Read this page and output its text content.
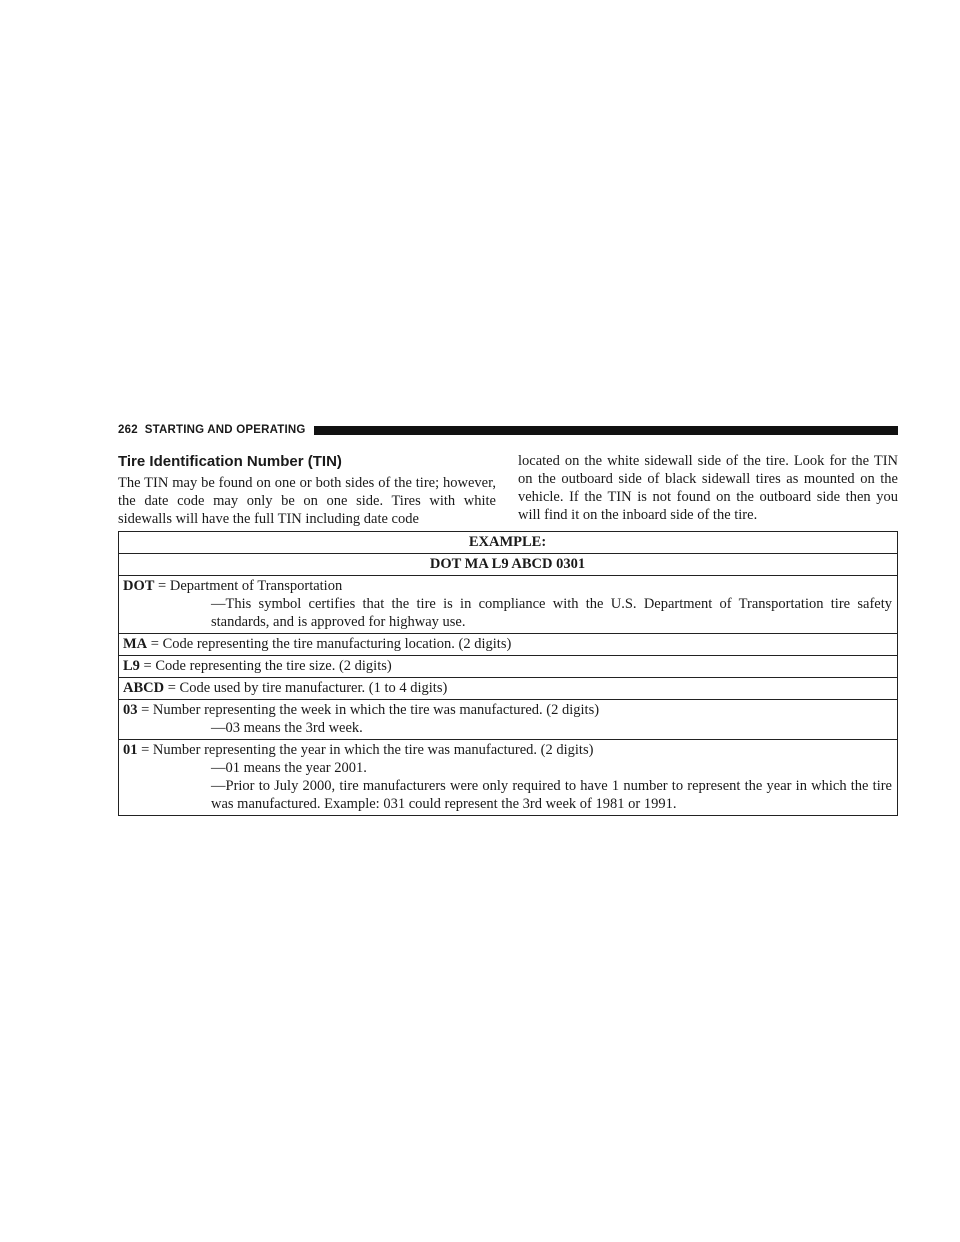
262 STARTING AND OPERATING
Tire Identification Number (TIN)

The TIN may be found on one or both sides of the tire; however, the date code may only be on one side. Tires with white sidewalls will have the full TIN including date code

located on the white sidewall side of the tire. Look for the TIN on the outboard side of black sidewall tires as mounted on the vehicle. If the TIN is not found on the outboard side then you will find it on the inboard side of the tire.

EXAMPLE:
DOT MA L9 ABCD 0301
DOT = Department of Transportation
—This symbol certifies that the tire is in compliance with the U.S. Department of Transportation tire safety standards, and is approved for highway use.

MA = Code representing the tire manufacturing location. (2 digits)
L9 = Code representing the tire size. (2 digits)
ABCD = Code used by tire manufacturer. (1 to 4 digits)
03 = Number representing the week in which the tire was manufactured. (2 digits)
—03 means the 3rd week.

01 = Number representing the year in which the tire was manufactured. (2 digits)
—01 means the year 2001.
—Prior to July 2000, tire manufacturers were only required to have 1 number to represent the year in which the tire was manufactured. Example: 031 could represent the 3rd week of 1981 or 1991.
